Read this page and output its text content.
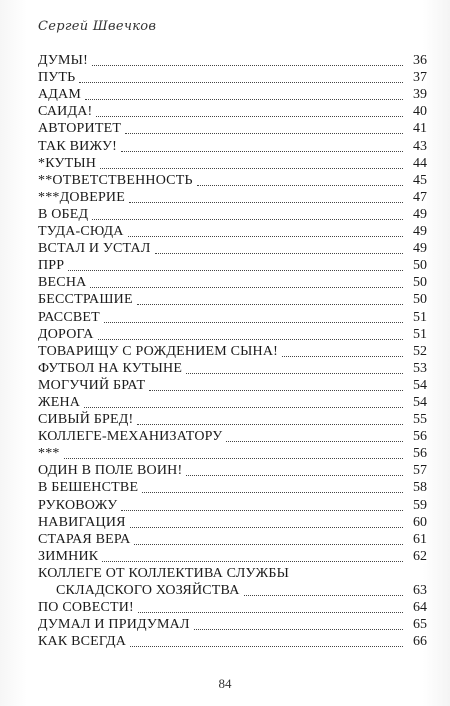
Сергей Швечков
ДУМЫ!	36
ПУТЬ	37
АДАМ	39
САИДА!	40
АВТОРИТЕТ	41
ТАК ВИЖУ!	43
*КУТЫН	44
**ОТВЕТСТВЕННОСТЬ	45
***ДОВЕРИЕ	47
В ОБЕД	49
ТУДА-СЮДА	49
ВСТАЛ И УСТАЛ	49
ПРР	50
ВЕСНА	50
БЕССТРАШИЕ	50
РАССВЕТ	51
ДОРОГА	51
ТОВАРИЩУ С РОЖДЕНИЕМ СЫНА!	52
ФУТБОЛ НА КУТЫНЕ	53
МОГУЧИЙ БРАТ	54
ЖЕНА	54
СИВЫЙ БРЕД!	55
КОЛЛЕГЕ-МЕХАНИЗАТОРУ	56
***	56
ОДИН В ПОЛЕ ВОИН!	57
В БЕШЕНСТВЕ	58
РУКОВОЖУ	59
НАВИГАЦИЯ	60
СТАРАЯ ВЕРА	61
ЗИМНИК	62
КОЛЛЕГЕ ОТ КОЛЛЕКТИВА СЛУЖБЫ
СКЛАДСКОГО ХОЗЯЙСТВА	63
ПО СОВЕСТИ!	64
ДУМАЛ И ПРИДУМАЛ	65
КАК ВСЕГДА	66
84
